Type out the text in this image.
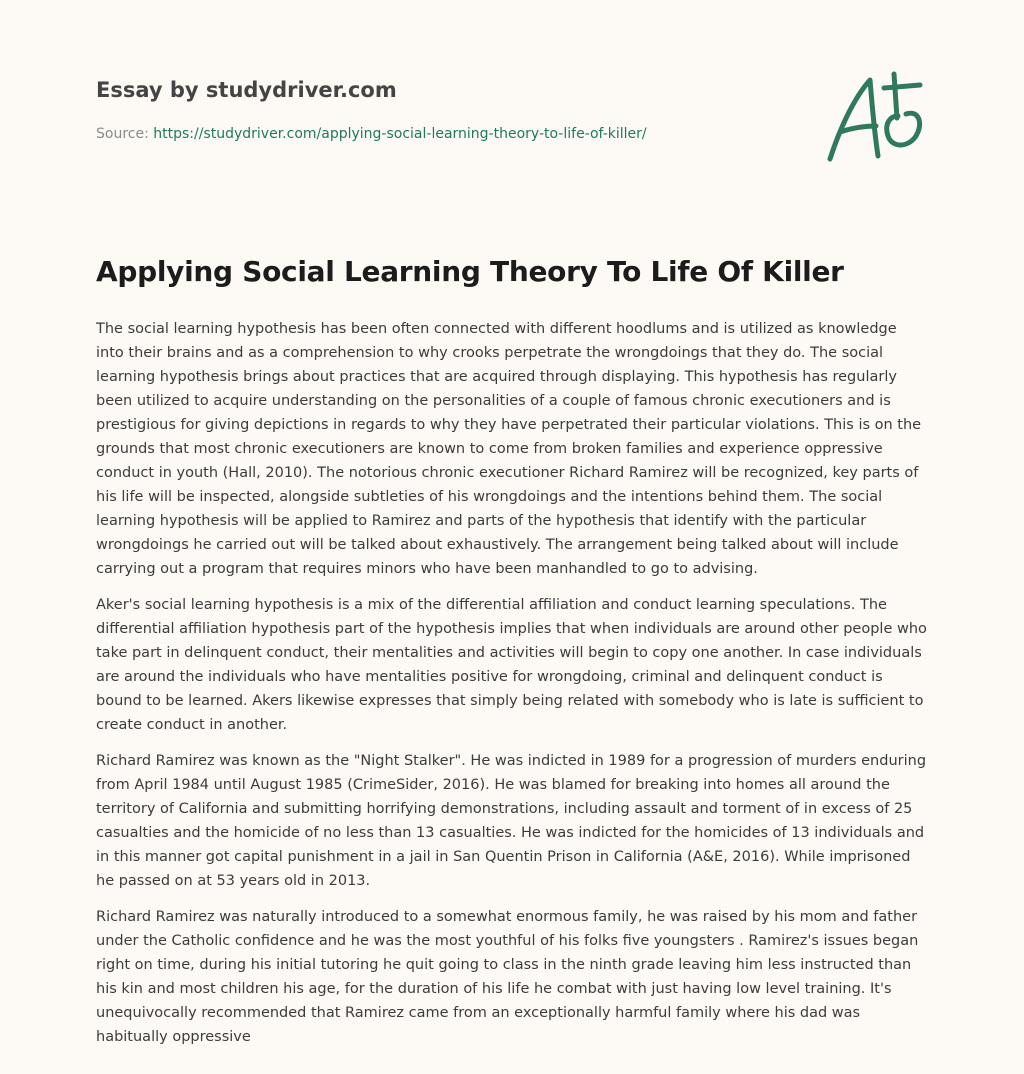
Essay by studydriver.com
Source: https://studydriver.com/applying-social-learning-theory-to-life-of-killer/
Applying Social Learning Theory To Life Of Killer

The social learning hypothesis has been often connected with different hoodlums and is utilized as knowledge into their brains and as a comprehension to why crooks perpetrate the wrongdoings that they do. The social learning hypothesis brings about practices that are acquired through displaying. This hypothesis has regularly been utilized to acquire understanding on the personalities of a couple of famous chronic executioners and is prestigious for giving depictions in regards to why they have perpetrated their particular violations. This is on the grounds that most chronic executioners are known to come from broken families and experience oppressive conduct in youth (Hall, 2010). The notorious chronic executioner Richard Ramirez will be recognized, key parts of his life will be inspected, alongside subtleties of his wrongdoings and the intentions behind them. The social learning hypothesis will be applied to Ramirez and parts of the hypothesis that identify with the particular wrongdoings he carried out will be talked about exhaustively. The arrangement being talked about will include carrying out a program that requires minors who have been manhandled to go to advising.

Aker's social learning hypothesis is a mix of the differential affiliation and conduct learning speculations. The differential affiliation hypothesis part of the hypothesis implies that when individuals are around other people who take part in delinquent conduct, their mentalities and activities will begin to copy one another. In case individuals are around the individuals who have mentalities positive for wrongdoing, criminal and delinquent conduct is bound to be learned. Akers likewise expresses that simply being related with somebody who is late is sufficient to create conduct in another.

Richard Ramirez was known as the "Night Stalker". He was indicted in 1989 for a progression of murders enduring from April 1984 until August 1985 (CrimeSider, 2016). He was blamed for breaking into homes all around the territory of California and submitting horrifying demonstrations, including assault and torment of in excess of 25 casualties and the homicide of no less than 13 casualties. He was indicted for the homicides of 13 individuals and in this manner got capital punishment in a jail in San Quentin Prison in California (A&E, 2016). While imprisoned he passed on at 53 years old in 2013.

Richard Ramirez was naturally introduced to a somewhat enormous family, he was raised by his mom and father under the Catholic confidence and he was the most youthful of his folks five youngsters . Ramirez's issues began right on time, during his initial tutoring he quit going to class in the ninth grade leaving him less instructed than his kin and most children his age, for the duration of his life he combat with just having low level training. It's unequivocally recommended that Ramirez came from an exceptionally harmful family where his dad was habitually oppressive
